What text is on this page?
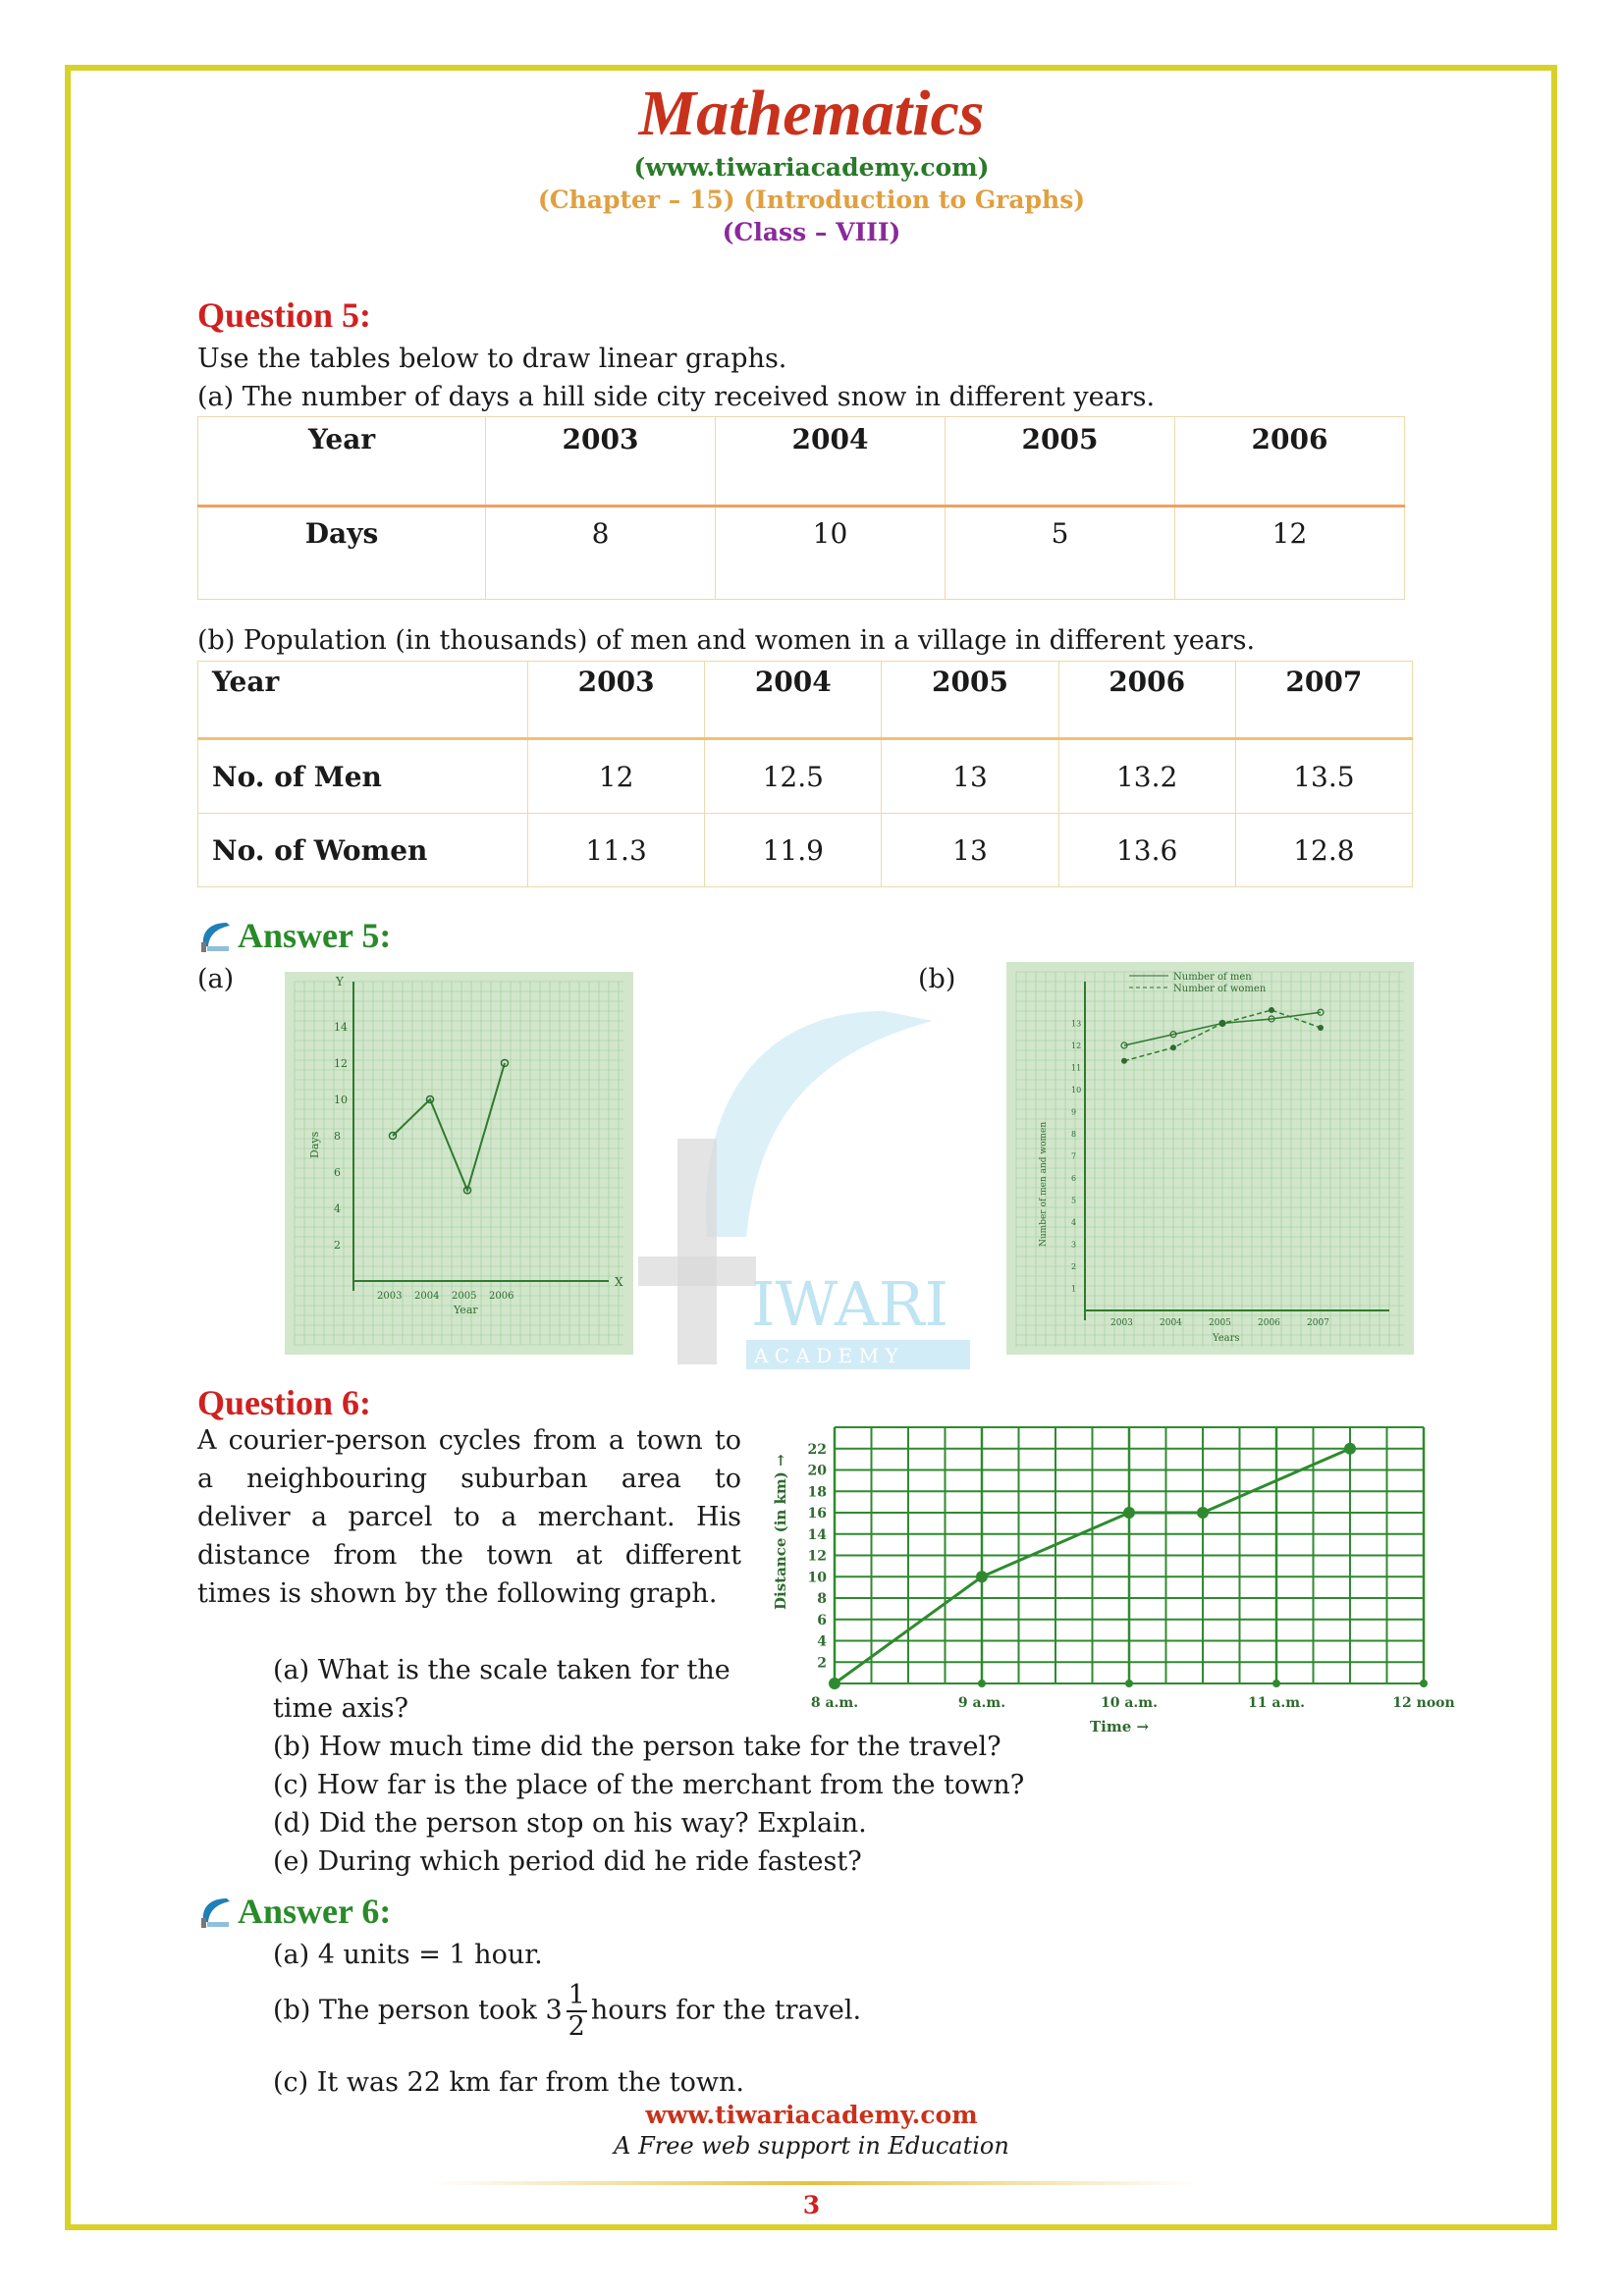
Mathematics
(www.tiwariacademy.com)
(Chapter – 15) (Introduction to Graphs)
(Class – VIII)
IWARI
A C A D E M Y
Question 5:
Use the tables below to draw linear graphs.
(a) The number of days a hill side city received snow in different years.
Year	2003	2004	2005	2006
Days	8	10	5	12
(b) Population (in thousands) of men and women in a village in different years.
Year	2003	2004	2005	2006	2007
No. of Men	12	12.5	13	13.2	13.5
No. of Women	11.3	11.9	13	13.6	12.8
Answer 5:
(a)	(b)
Y
X
2
4
6
8
10
12
14
2003 2004 2005 2006
Days
Year
Number of men
Number of women
1
2
3
4
5
6
7
8
9
10
11
12
13
2003	2004	2005	2006	2007
Number of men and women
Years
Question 6:
A courier-person cycles from a town to a neighbouring suburban area to deliver a parcel to a merchant. His distance from the town at different times is shown by the following graph.
(a) What is the scale taken for the time axis?
(b) How much time did the person take for the travel?
(c) How far is the place of the merchant from the town?
(d) Did the person stop on his way? Explain.
(e) During which period did he ride fastest?
2
4
6
8
10
12
14
16
18
20
22
8 a.m.	9 a.m.	10 a.m.	11 a.m.	12 noon
Distance (in km) →
Time →
Answer 6:
(a) 4 units = 1 hour.
(b) The person took $3 \frac{1}{2}$ hours for the travel.
(c) It was 22 km far from the town.
www.tiwariacademy.com
A Free web support in Education
3
